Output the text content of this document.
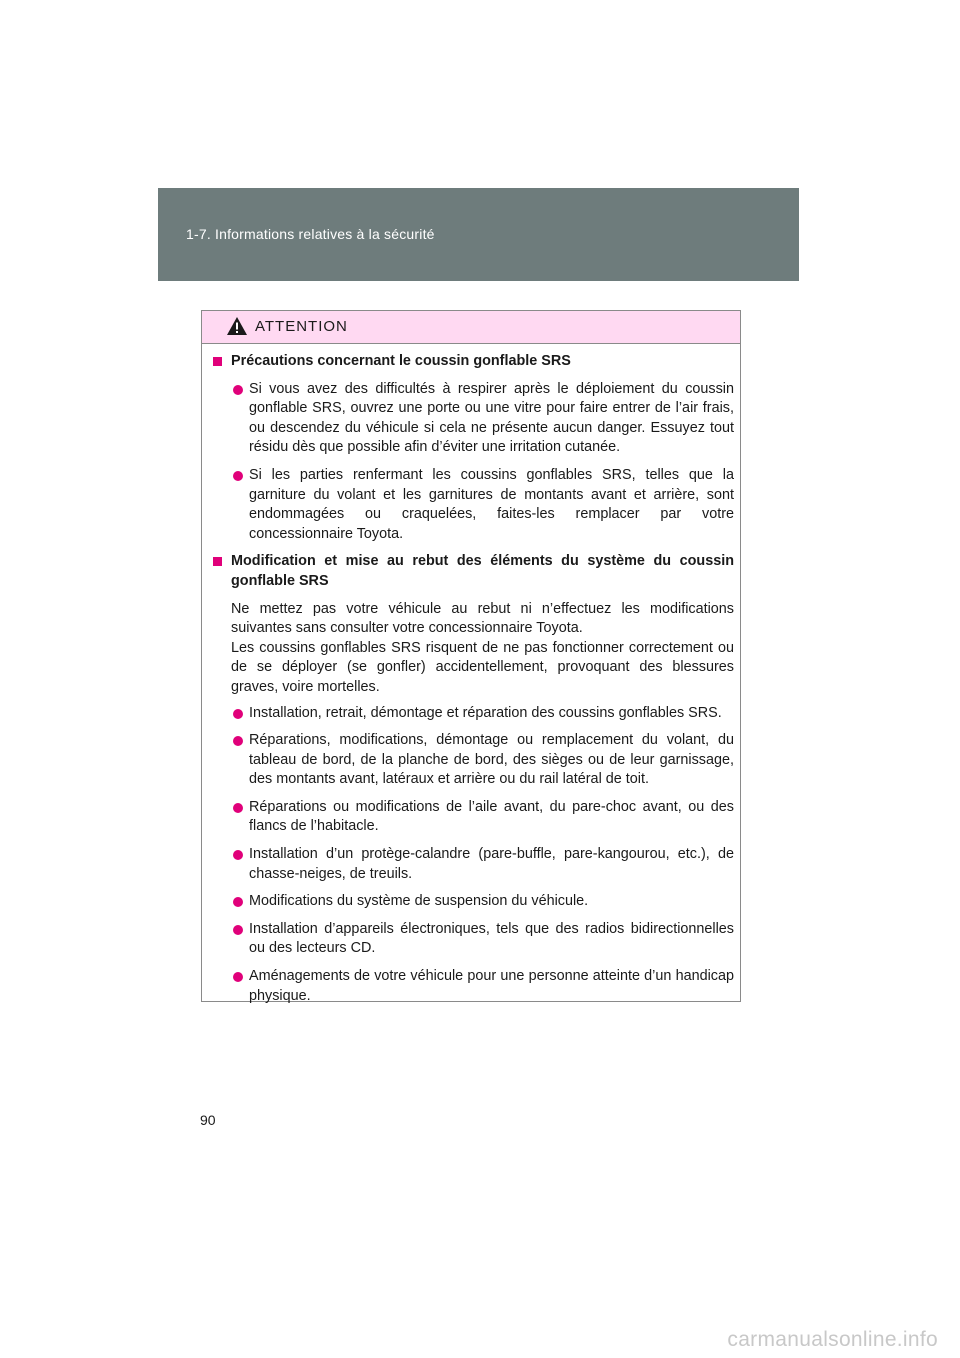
1-7. Informations relatives à la sécurité
ATTENTION
Précautions concernant le coussin gonflable SRS
Si vous avez des difficultés à respirer après le déploiement du coussin gonflable SRS, ouvrez une porte ou une vitre pour faire entrer de l’air frais, ou descendez du véhicule si cela ne présente aucun danger. Essuyez tout résidu dès que possible afin d’éviter une irritation cutanée.
Si les parties renfermant les coussins gonflables SRS, telles que la garniture du volant et les garnitures de montants avant et arrière, sont endommagées ou craquelées, faites-les remplacer par votre concessionnaire Toyota.
Modification et mise au rebut des éléments du système du coussin gonflable SRS
Ne mettez pas votre véhicule au rebut ni n’effectuez les modifications suivantes sans consulter votre concessionnaire Toyota.
Les coussins gonflables SRS risquent de ne pas fonctionner correctement ou de se déployer (se gonfler) accidentellement, provoquant des blessures graves, voire mortelles.
Installation, retrait, démontage et réparation des coussins gonflables SRS.
Réparations, modifications, démontage ou remplacement du volant, du tableau de bord, de la planche de bord, des sièges ou de leur garnissage, des montants avant, latéraux et arrière ou du rail latéral de toit.
Réparations ou modifications de l’aile avant, du pare-choc avant, ou des flancs de l’habitacle.
Installation d’un protège-calandre (pare-buffle, pare-kangourou, etc.), de chasse-neiges, de treuils.
Modifications du système de suspension du véhicule.
Installation d’appareils électroniques, tels que des radios bidirectionnelles ou des lecteurs CD.
Aménagements de votre véhicule pour une personne atteinte d’un handicap physique.
90
carmanualsonline.info
